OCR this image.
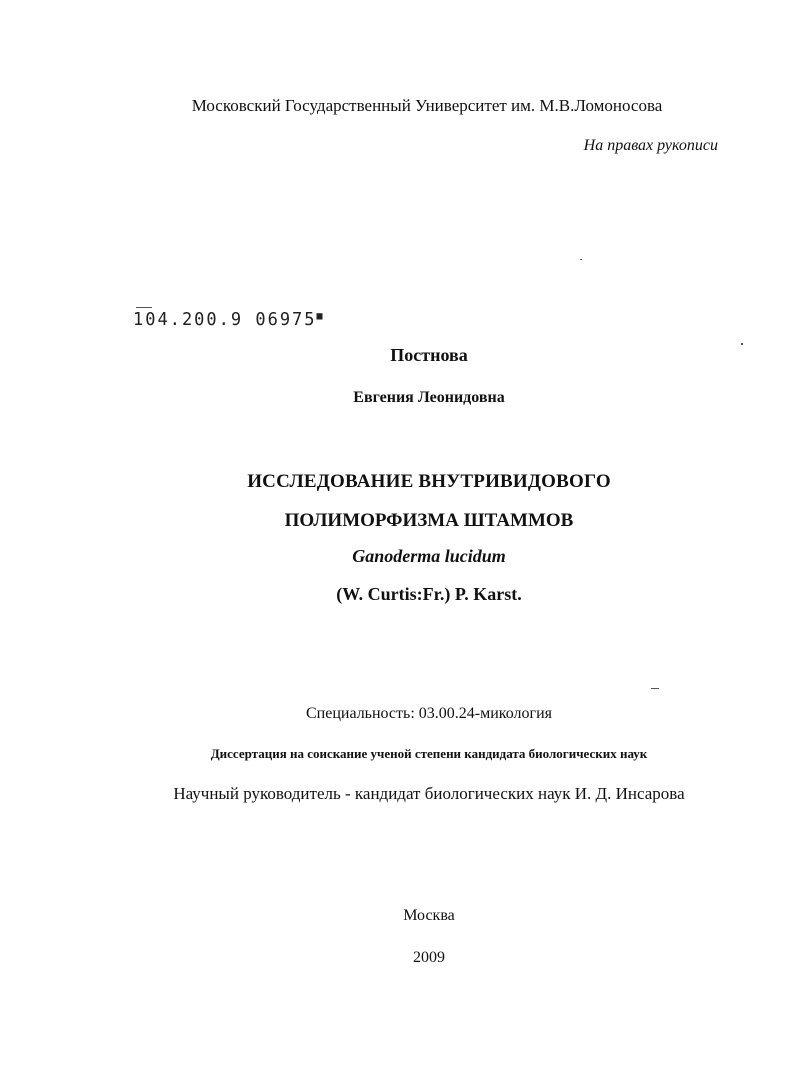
Московский Государственный Университет им. М.В.Ломоносова
На правах рукописи
104.200.9 06975■
Постнова
Евгения Леонидовна
ИССЛЕДОВАНИЕ ВНУТРИВИДОВОГО
ПОЛИМОРФИЗМА ШТАММОВ
Ganoderma lucidum
(W. Curtis:Fr.) P. Karst.
Специальность: 03.00.24-микология
Диссертация на соискание ученой степени кандидата биологических наук
Научный руководитель - кандидат биологических наук И. Д. Инсарова
Москва
2009
